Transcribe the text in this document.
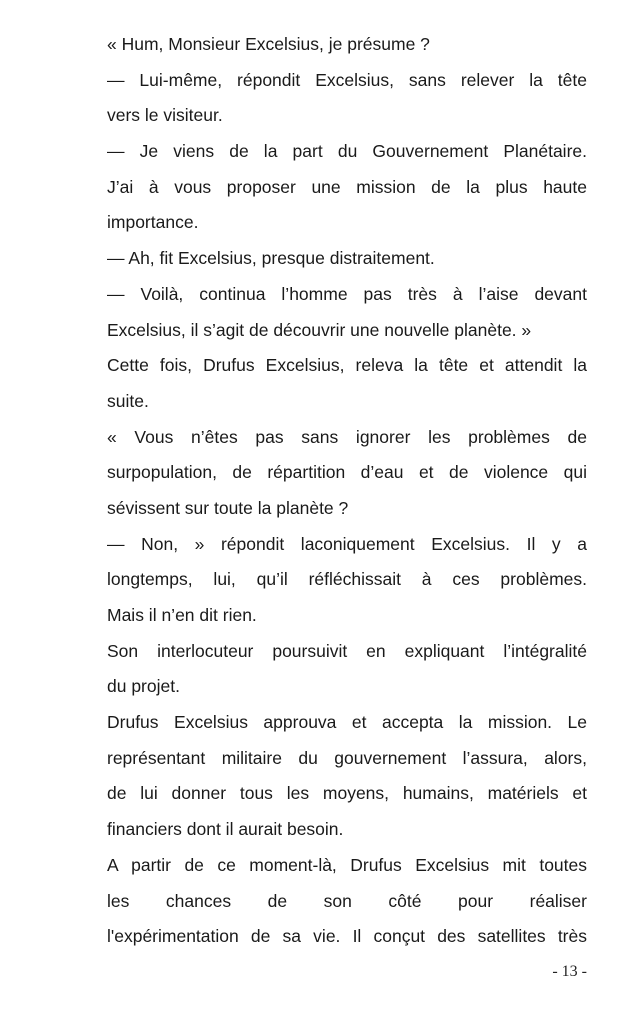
« Hum, Monsieur Excelsius, je présume ?
— Lui-même, répondit Excelsius, sans relever la tête
vers le visiteur.
— Je viens de la part du Gouvernement Planétaire.
J’ai à vous proposer une mission de la plus haute
importance.
— Ah, fit Excelsius, presque distraitement.
— Voilà, continua l’homme pas très à l’aise devant
Excelsius, il s’agit de découvrir une nouvelle planète. »
Cette fois, Drufus Excelsius, releva la tête et attendit la
suite.
« Vous n’êtes pas sans ignorer les problèmes de
surpopulation, de répartition d’eau et de violence qui
sévissent sur toute la planète ?
— Non, » répondit laconiquement Excelsius. Il y a
longtemps, lui, qu’il réfléchissait à ces problèmes.
Mais il n’en dit rien.
Son interlocuteur poursuivit en expliquant l’intégralité
du projet.
Drufus Excelsius approuva et accepta la mission. Le
représentant militaire du gouvernement l’assura, alors,
de lui donner tous les moyens, humains, matériels et
financiers dont il aurait besoin.
A partir de ce moment-là, Drufus Excelsius mit toutes
les chances de son côté pour réaliser
l'expérimentation de sa vie. Il conçut des satellites très
- 13 -
